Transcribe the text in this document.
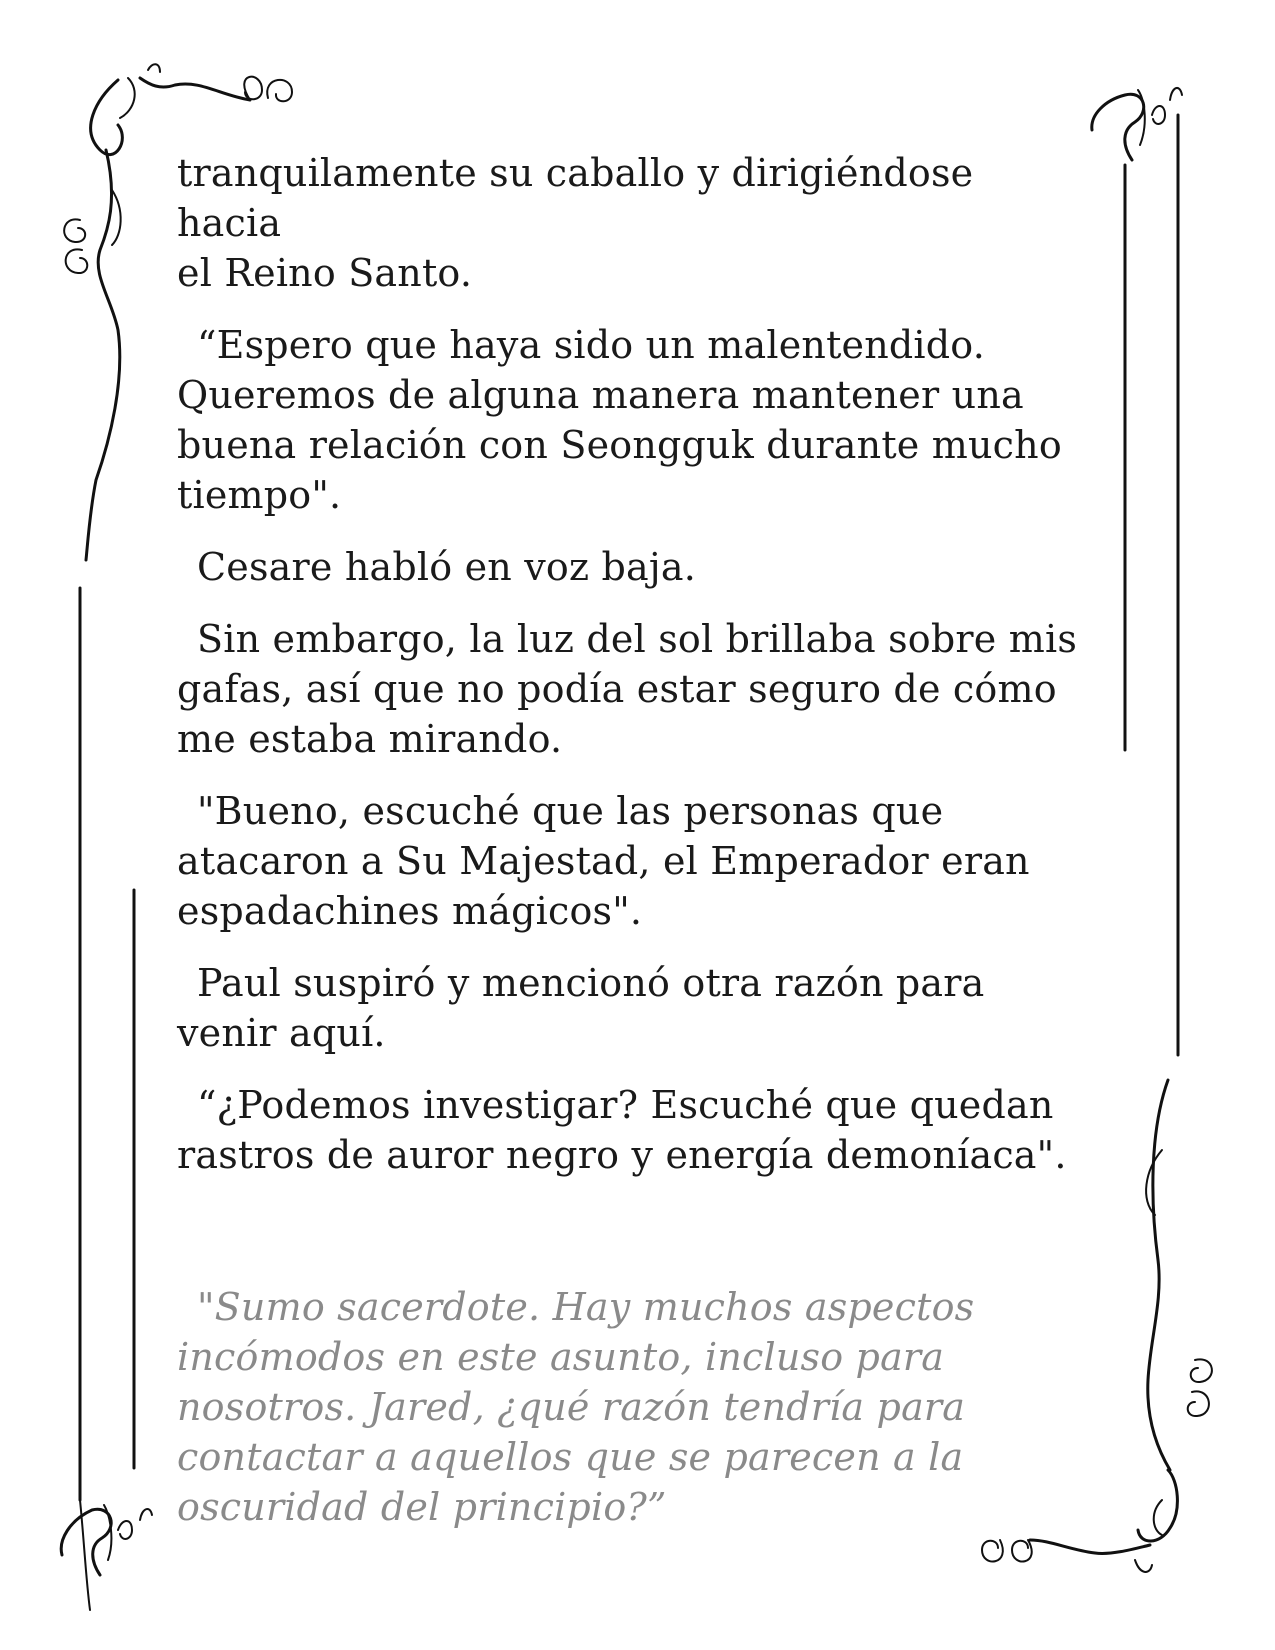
tranquilamente su caballo y dirigiéndose hacia
el Reino Santo.

“Espero que haya sido un malentendido.
Queremos de alguna manera mantener una
buena relación con Seongguk durante mucho
tiempo".

Cesare habló en voz baja.

Sin embargo, la luz del sol brillaba sobre mis
gafas, así que no podía estar seguro de cómo
me estaba mirando.

"Bueno, escuché que las personas que
atacaron a Su Majestad, el Emperador eran
espadachines mágicos".

Paul suspiró y mencionó otra razón para
venir aquí.

“¿Podemos investigar? Escuché que quedan
rastros de auror negro y energía demoníaca".

"Sumo sacerdote. Hay muchos aspectos
incómodos en este asunto, incluso para
nosotros. Jared, ¿qué razón tendría para
contactar a aquellos que se parecen a la
oscuridad del principio?”
